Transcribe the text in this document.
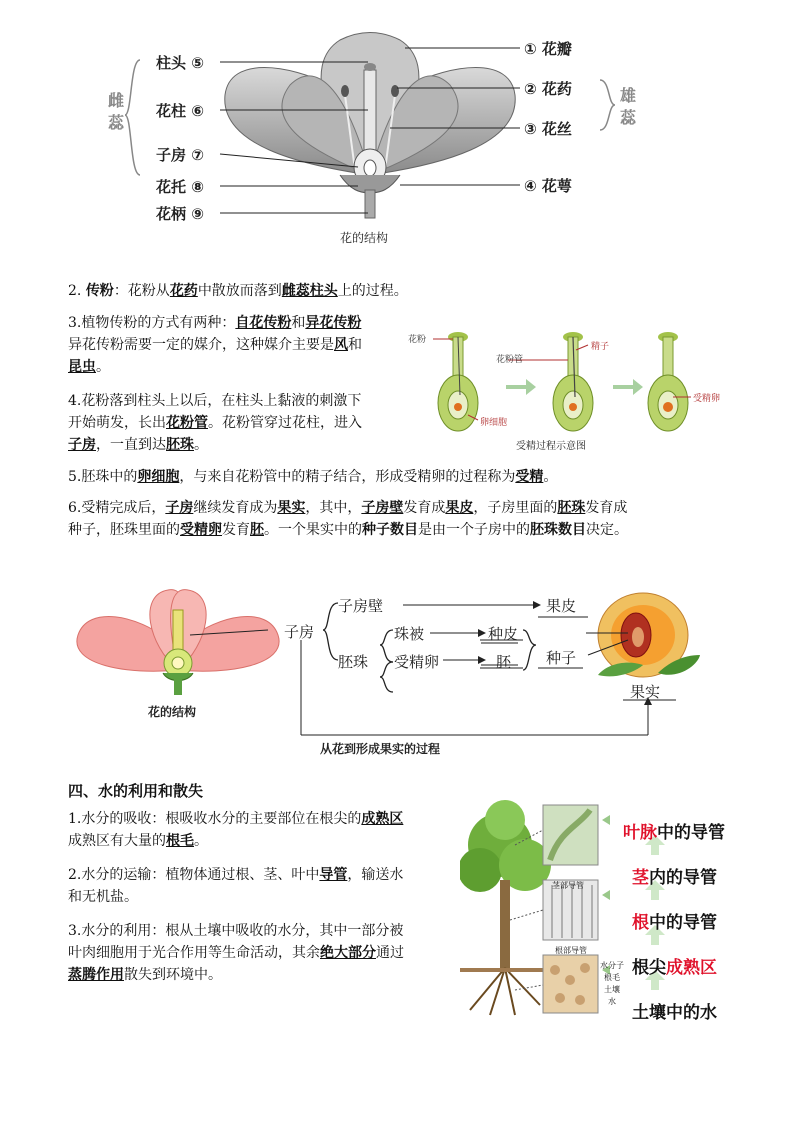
柱头 ⑤
花柱 ⑥
子房 ⑦
花托 ⑧
花柄 ⑨
① 花瓣
② 花药
③ 花丝
④ 花萼
雌蕊
雄蕊
花的结构
2. 传粉：花粉从花药中散放而落到雌蕊柱头上的过程。
3.植物传粉的方式有两种：自花传粉和异花传粉
异花传粉需要一定的媒介，这种媒介主要是风和
昆虫。
4.花粉落到柱头上以后，在柱头上黏液的刺激下
开始萌发，长出花粉管。花粉管穿过花柱，进入
子房，一直到达胚珠。
花粉
花粉管
精子
卵细胞
受精卵
受精过程示意图
5.胚珠中的卵细胞，与来自花粉管中的精子结合，形成受精卵的过程称为受精。
6.受精完成后，子房继续发育成为果实，其中，子房壁发育成果皮，子房里面的胚珠发育成
种子，胚珠里面的受精卵发育胚。一个果实中的种子数目是由一个子房中的胚珠数目决定。
子房
子房壁	果皮
珠被	种皮
胚珠 受精卵	胚 种子
果实
花的结构
从花到形成果实的过程
四、水的利用和散失
1.水分的吸收：根吸收水分的主要部位在根尖的成熟区
成熟区有大量的根毛。
2.水分的运输：植物体通过根、茎、叶中导管，输送水
和无机盐。
3.水分的利用：根从土壤中吸收的水分，其中一部分被
叶肉细胞用于光合作用等生命活动，其余绝大部分通过
蒸腾作用散失到环境中。
茎部导管
根部导管
水分子
根毛
土壤
水
叶脉中的导管
茎内的导管
根中的导管
根尖成熟区
土壤中的水
